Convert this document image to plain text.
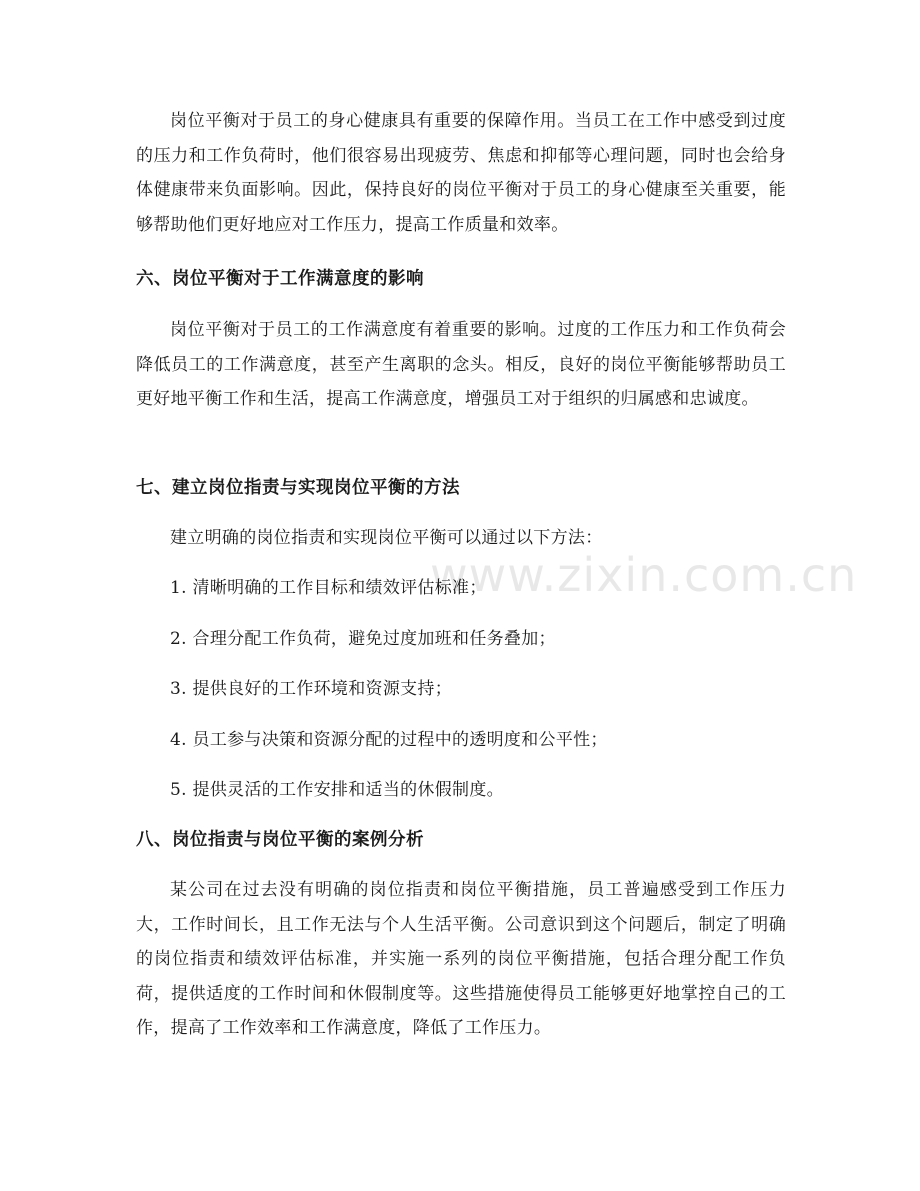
www.zixin.com.cn

岗位平衡对于员工的身心健康具有重要的保障作用。当员工在工作中感受到过度的压力和工作负荷时，他们很容易出现疲劳、焦虑和抑郁等心理问题，同时也会给身体健康带来负面影响。因此，保持良好的岗位平衡对于员工的身心健康至关重要，能够帮助他们更好地应对工作压力，提高工作质量和效率。

六、岗位平衡对于工作满意度的影响

岗位平衡对于员工的工作满意度有着重要的影响。过度的工作压力和工作负荷会降低员工的工作满意度，甚至产生离职的念头。相反，良好的岗位平衡能够帮助员工更好地平衡工作和生活，提高工作满意度，增强员工对于组织的归属感和忠诚度。

七、建立岗位指责与实现岗位平衡的方法
建立明确的岗位指责和实现岗位平衡可以通过以下方法：
1. 清晰明确的工作目标和绩效评估标准；
2. 合理分配工作负荷，避免过度加班和任务叠加；
3. 提供良好的工作环境和资源支持；
4. 员工参与决策和资源分配的过程中的透明度和公平性；
5. 提供灵活的工作安排和适当的休假制度。
八、岗位指责与岗位平衡的案例分析

某公司在过去没有明确的岗位指责和岗位平衡措施，员工普遍感受到工作压力大，工作时间长，且工作无法与个人生活平衡。公司意识到这个问题后，制定了明确的岗位指责和绩效评估标准，并实施一系列的岗位平衡措施，包括合理分配工作负荷，提供适度的工作时间和休假制度等。这些措施使得员工能够更好地掌控自己的工作，提高了工作效率和工作满意度，降低了工作压力。
